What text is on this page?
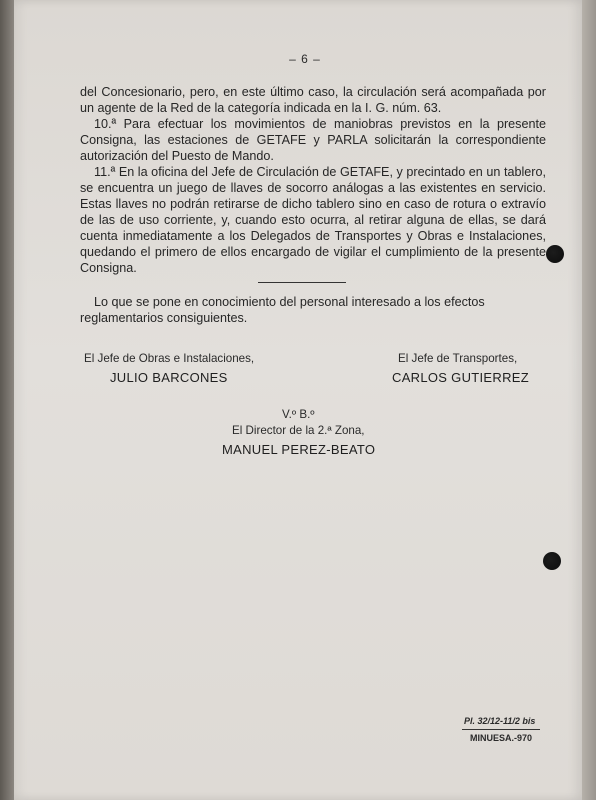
– 6 –

del Concesionario, pero, en este último caso, la circulación será acompañada por un agente de la Red de la categoría indicada en la I. G. núm. 63.

10.ª Para efectuar los movimientos de maniobras previstos en la presente Consigna, las estaciones de GETAFE y PARLA solicitarán la correspondiente autorización del Puesto de Mando.

11.ª En la oficina del Jefe de Circulación de GETAFE, y precintado en un tablero, se encuentra un juego de llaves de socorro análogas a las existentes en servicio. Estas llaves no podrán retirarse de dicho tablero sino en caso de rotura o extravío de las de uso corriente, y, cuando esto ocurra, al retirar alguna de ellas, se dará cuenta inmediatamente a los Delegados de Transportes y Obras e Instalaciones, quedando el primero de ellos encargado de vigilar el cumplimiento de la presente Consigna.

Lo que se pone en conocimiento del personal interesado a los efectos reglamentarios consiguientes.
El Jefe de Obras e Instalaciones,
JULIO BARCONES
El Jefe de Transportes,
CARLOS GUTIERREZ
V.º B.º
El Director de la 2.ª Zona,
MANUEL PEREZ-BEATO
Pl. 32/12-11/2 bis
MINUESA.-970
